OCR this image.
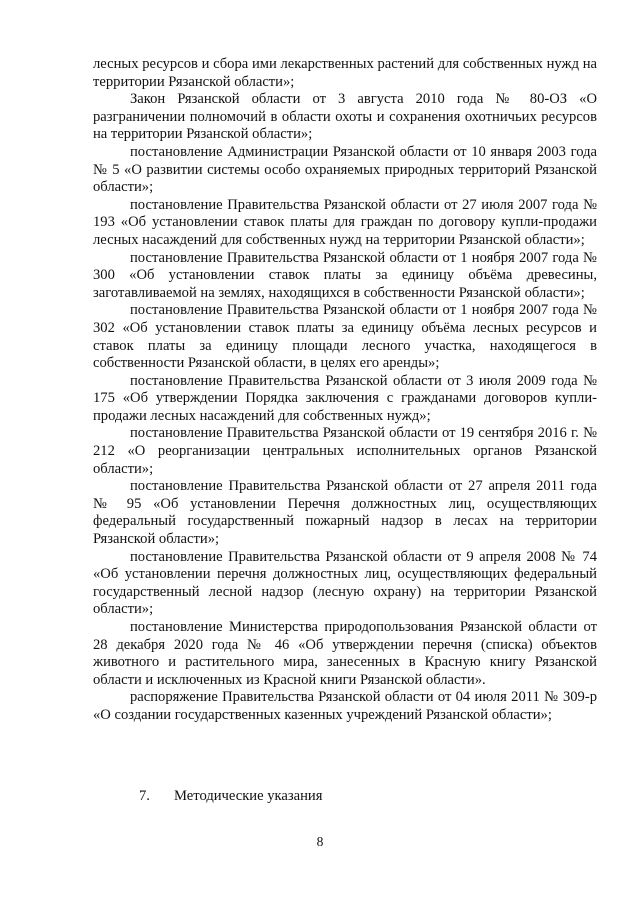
лесных ресурсов и сбора ими лекарственных растений для собственных нужд на территории Рязанской области»;

Закон Рязанской области от 3 августа 2010 года № 80-ОЗ «О разграничении полномочий в области охоты и сохранения охотничьих ресурсов на территории Рязанской области»;

постановление Администрации Рязанской области от 10 января 2003 года № 5 «О развитии системы особо охраняемых природных территорий Рязанской области»;

постановление Правительства Рязанской области от 27 июля 2007 года № 193 «Об установлении ставок платы для граждан по договору купли-продажи лесных насаждений для собственных нужд на территории Рязанской области»;

постановление Правительства Рязанской области от 1 ноября 2007 года № 300 «Об установлении ставок платы за единицу объёма древесины, заготавливаемой на землях, находящихся в собственности Рязанской области»;

постановление Правительства Рязанской области от 1 ноября 2007 года № 302 «Об установлении ставок платы за единицу объёма лесных ресурсов и ставок платы за единицу площади лесного участка, находящегося в собственности Рязанской области, в целях его аренды»;

постановление Правительства Рязанской области от 3 июля 2009 года № 175 «Об утверждении Порядка заключения с гражданами договоров купли-продажи лесных насаждений для собственных нужд»;

постановление Правительства Рязанской области от 19 сентября 2016 г. № 212 «О реорганизации центральных исполнительных органов Рязанской области»;

постановление Правительства Рязанской области от 27 апреля 2011 года № 95 «Об установлении Перечня должностных лиц, осуществляющих федеральный государственный пожарный надзор в лесах на территории Рязанской области»;

постановление Правительства Рязанской области от 9 апреля 2008 № 74 «Об установлении перечня должностных лиц, осуществляющих федеральный государственный лесной надзор (лесную охрану) на территории Рязанской области»;

постановление Министерства природопользования Рязанской области от 28 декабря 2020 года № 46 «Об утверждении перечня (списка) объектов животного и растительного мира, занесенных в Красную книгу Рязанской области и исключенных из Красной книги Рязанской области».

распоряжение Правительства Рязанской области от 04 июля 2011 № 309-р «О создании государственных казенных учреждений Рязанской области»;

7. Методические указания
8
